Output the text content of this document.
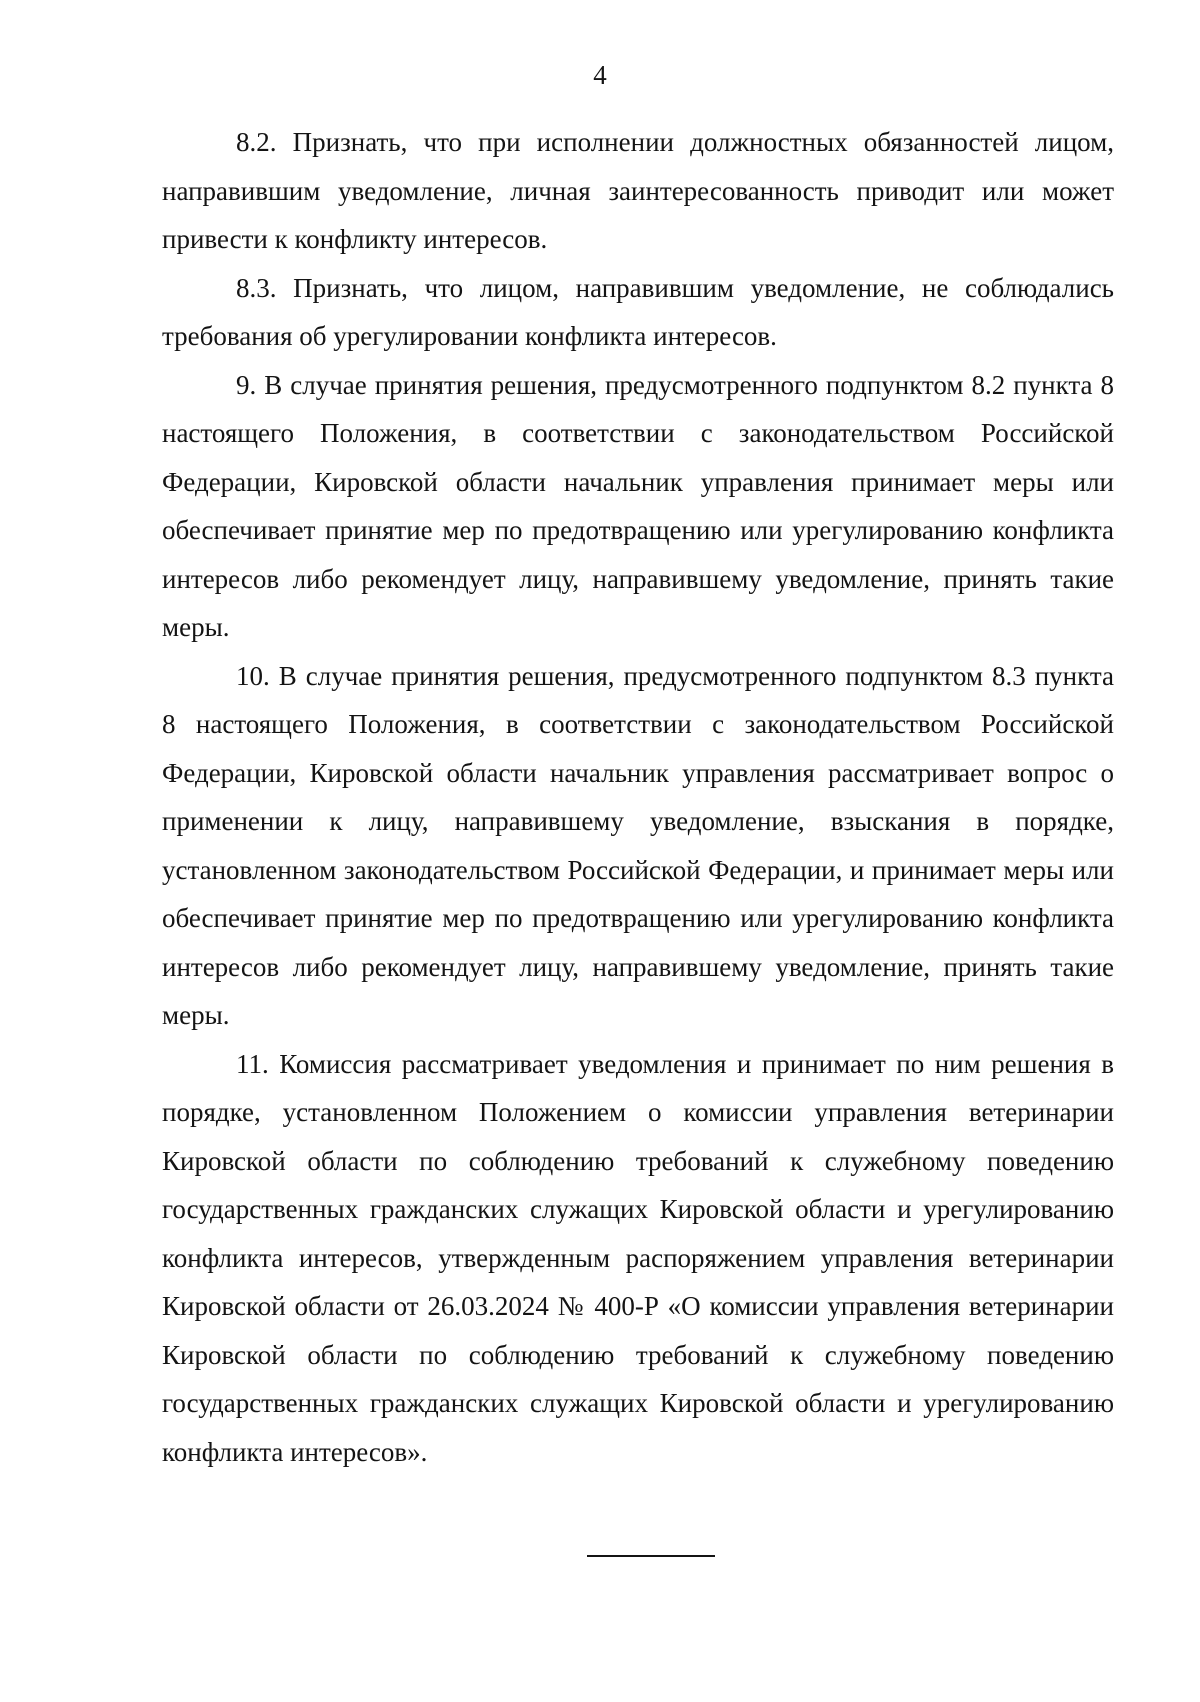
4

8.2. Признать, что при исполнении должностных обязанностей лицом, направившим уведомление, личная заинтересованность приводит или может привести к конфликту интересов.

8.3. Признать, что лицом, направившим уведомление, не соблюдались требования об урегулировании конфликта интересов.

9. В случае принятия решения, предусмотренного подпунктом 8.2 пункта 8 настоящего Положения, в соответствии с законодательством Российской Федерации, Кировской области начальник управления принимает меры или обеспечивает принятие мер по предотвращению или урегулированию конфликта интересов либо рекомендует лицу, направившему уведомление, принять такие меры.

10. В случае принятия решения, предусмотренного подпунктом 8.3 пункта 8 настоящего Положения, в соответствии с законодательством Российской Федерации, Кировской области начальник управления рассматривает вопрос о применении к лицу, направившему уведомление, взыскания в порядке, установленном законодательством Российской Федерации, и принимает меры или обеспечивает принятие мер по предотвращению или урегулированию конфликта интересов либо рекомендует лицу, направившему уведомление, принять такие меры.

11. Комиссия рассматривает уведомления и принимает по ним решения в порядке, установленном Положением о комиссии управления ветеринарии Кировской области по соблюдению требований к служебному поведению государственных гражданских служащих Кировской области и урегулированию конфликта интересов, утвержденным распоряжением управления ветеринарии Кировской области от 26.03.2024 № 400-Р «О комиссии управления ветеринарии Кировской области по соблюдению требований к служебному поведению государственных гражданских служащих Кировской области и урегулированию конфликта интересов».
